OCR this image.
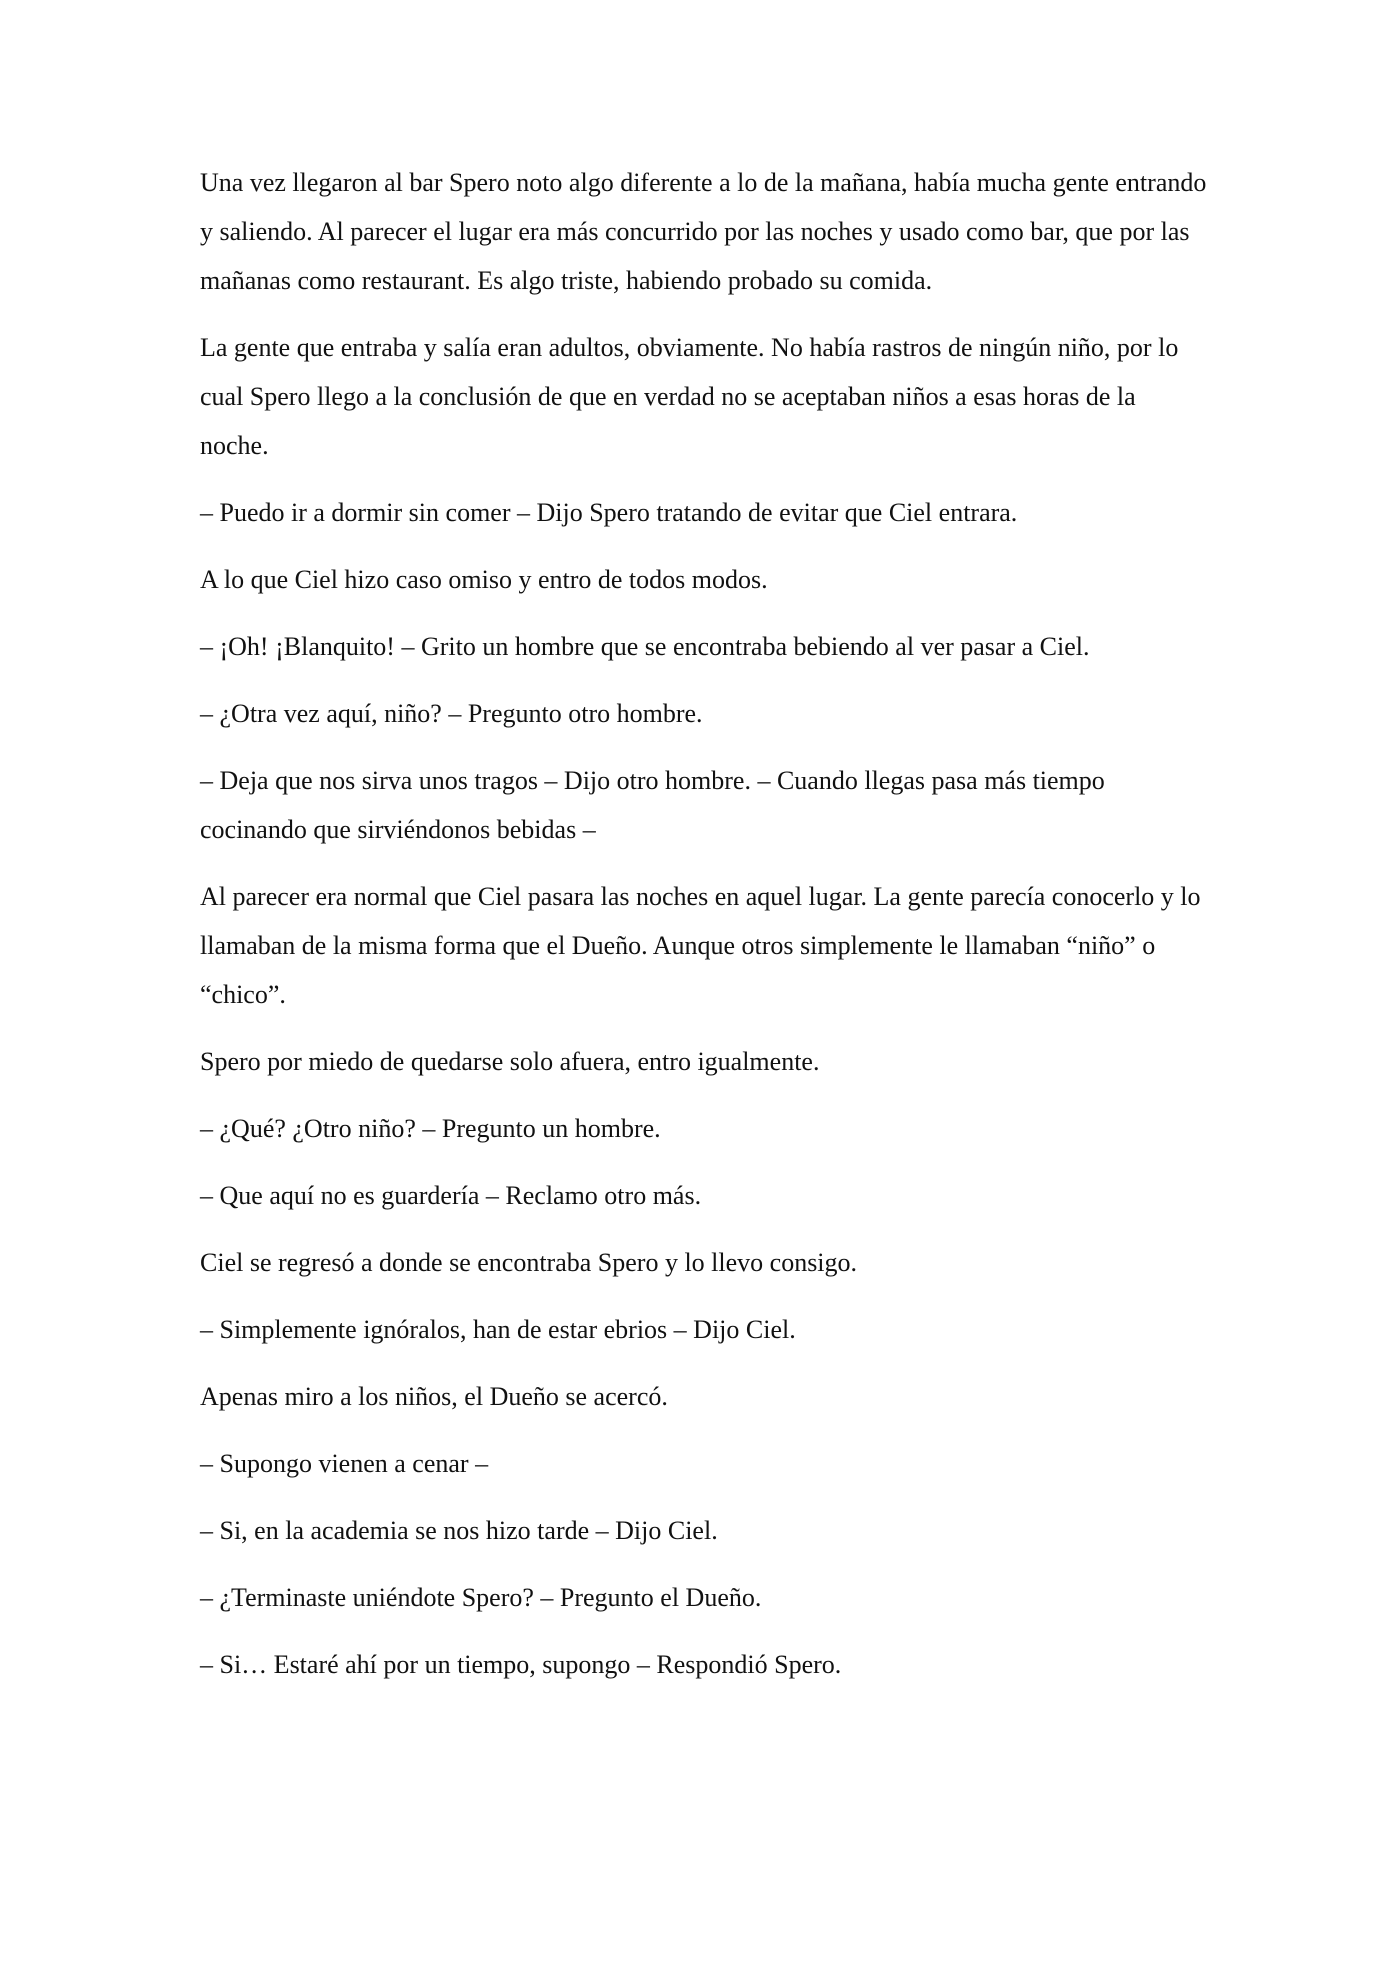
Una vez llegaron al bar Spero noto algo diferente a lo de la mañana, había mucha gente entrando y saliendo. Al parecer el lugar era más concurrido por las noches y usado como bar, que por las mañanas como restaurant. Es algo triste, habiendo probado su comida.

La gente que entraba y salía eran adultos, obviamente. No había rastros de ningún niño, por lo cual Spero llego a la conclusión de que en verdad no se aceptaban niños a esas horas de la noche.

– Puedo ir a dormir sin comer – Dijo Spero tratando de evitar que Ciel entrara.

A lo que Ciel hizo caso omiso y entro de todos modos.

– ¡Oh! ¡Blanquito! – Grito un hombre que se encontraba bebiendo al ver pasar a Ciel.

– ¿Otra vez aquí, niño? – Pregunto otro hombre.

– Deja que nos sirva unos tragos – Dijo otro hombre. – Cuando llegas pasa más tiempo cocinando que sirviéndonos bebidas –

Al parecer era normal que Ciel pasara las noches en aquel lugar. La gente parecía conocerlo y lo llamaban de la misma forma que el Dueño. Aunque otros simplemente le llamaban “niño” o “chico”.

Spero por miedo de quedarse solo afuera, entro igualmente.

– ¿Qué? ¿Otro niño? – Pregunto un hombre.

– Que aquí no es guardería – Reclamo otro más.

Ciel se regresó a donde se encontraba Spero y lo llevo consigo.

– Simplemente ignóralos, han de estar ebrios – Dijo Ciel.

Apenas miro a los niños, el Dueño se acercó.

– Supongo vienen a cenar –

– Si, en la academia se nos hizo tarde – Dijo Ciel.

– ¿Terminaste uniéndote Spero? – Pregunto el Dueño.

– Si… Estaré ahí por un tiempo, supongo – Respondió Spero.
